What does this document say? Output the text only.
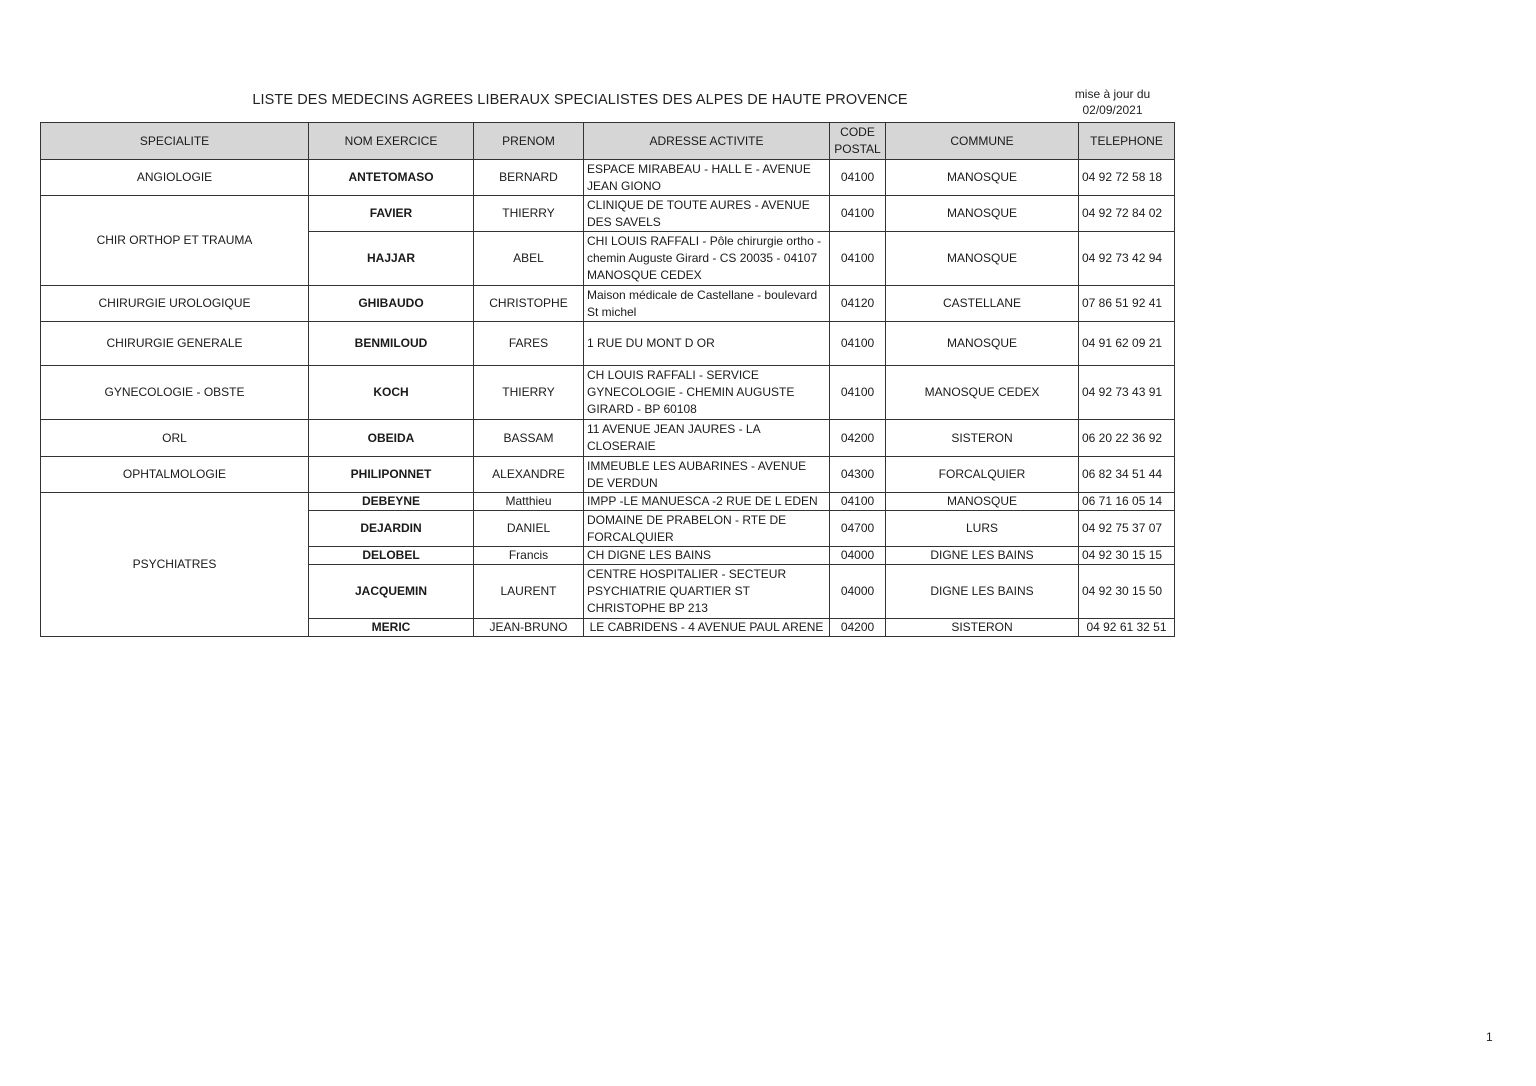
LISTE DES MEDECINS AGREES LIBERAUX SPECIALISTES DES ALPES DE HAUTE PROVENCE	mise à jour du
02/09/2021
SPECIALITE	NOM EXERCICE	PRENOM	ADRESSE ACTIVITE	CODE POSTAL	COMMUNE	TELEPHONE
ANGIOLOGIE	ANTETOMASO	BERNARD	ESPACE MIRABEAU - HALL E - AVENUE JEAN GIONO	04100	MANOSQUE	04 92 72 58 18
CHIR ORTHOP ET TRAUMA	FAVIER	THIERRY	CLINIQUE DE TOUTE AURES - AVENUE DES SAVELS	04100	MANOSQUE	04 92 72 84 02
	HAJJAR	ABEL	CHI LOUIS RAFFALI - Pôle chirurgie ortho - chemin Auguste Girard - CS 20035 - 04107 MANOSQUE CEDEX	04100	MANOSQUE	04 92 73 42 94
CHIRURGIE UROLOGIQUE	GHIBAUDO	CHRISTOPHE	Maison médicale de Castellane - boulevard St michel	04120	CASTELLANE	07 86 51 92 41
CHIRURGIE GENERALE	BENMILOUD	FARES	1 RUE DU MONT D OR	04100	MANOSQUE	04 91 62 09 21
GYNECOLOGIE - OBSTE	KOCH	THIERRY	CH LOUIS RAFFALI - SERVICE GYNECOLOGIE - CHEMIN AUGUSTE GIRARD - BP 60108	04100	MANOSQUE CEDEX	04 92 73 43 91
ORL	OBEIDA	BASSAM	11 AVENUE JEAN JAURES - LA CLOSERAIE	04200	SISTERON	06 20 22 36 92
OPHTALMOLOGIE	PHILIPONNET	ALEXANDRE	IMMEUBLE LES AUBARINES - AVENUE DE VERDUN	04300	FORCALQUIER	06 82 34 51 44
PSYCHIATRES	DEBEYNE	Matthieu	IMPP -LE MANUESCA -2 RUE DE L EDEN	04100	MANOSQUE	06 71 16 05 14
	DEJARDIN	DANIEL	DOMAINE DE PRABELON - RTE DE FORCALQUIER	04700	LURS	04 92 75 37 07
	DELOBEL	Francis	CH DIGNE LES BAINS	04000	DIGNE LES BAINS	04 92 30 15 15
	JACQUEMIN	LAURENT	CENTRE HOSPITALIER - SECTEUR PSYCHIATRIE QUARTIER ST CHRISTOPHE BP 213	04000	DIGNE LES BAINS	04 92 30 15 50
	MERIC	JEAN-BRUNO	LE CABRIDENS - 4 AVENUE PAUL ARENE	04200	SISTERON	04 92 61 32 51
1
